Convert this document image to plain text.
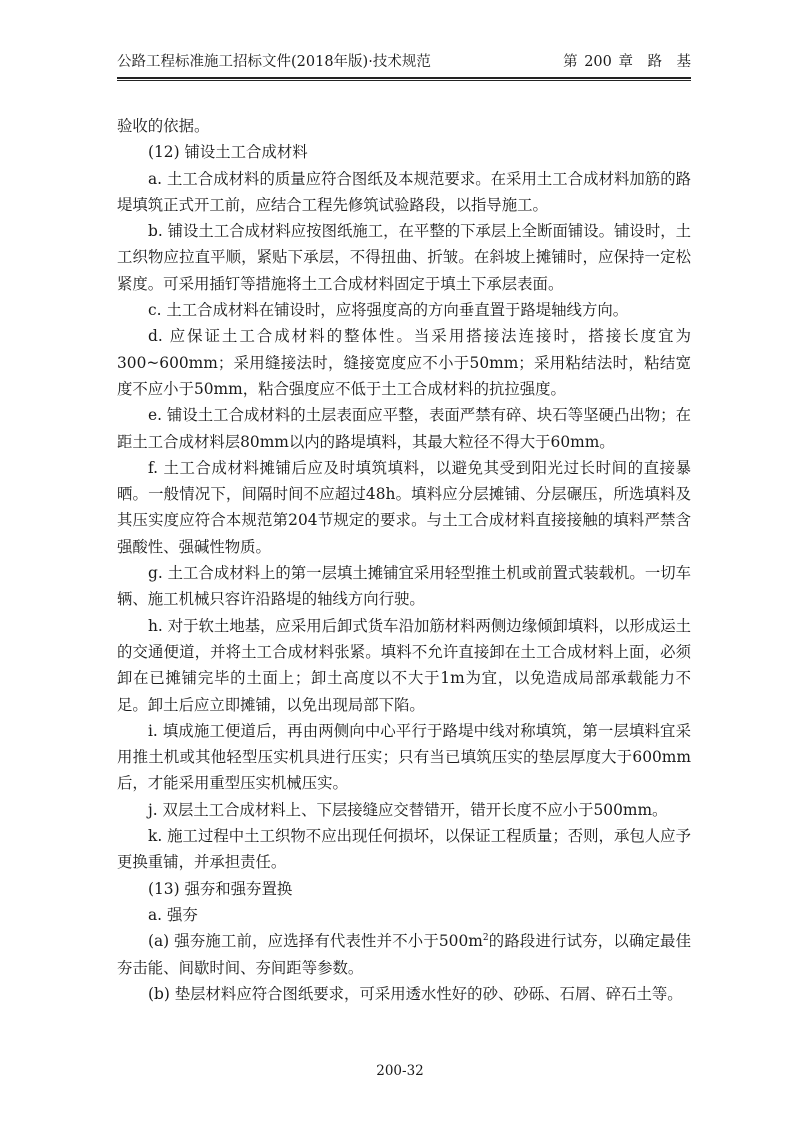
公路工程标准施工招标文件(2018年版)·技术规范	第 200 章　路　基

验收的依据。

(12) 铺设土工合成材料

a. 土工合成材料的质量应符合图纸及本规范要求。在采用土工合成材料加筋的路堤填筑正式开工前，应结合工程先修筑试验路段，以指导施工。

b. 铺设土工合成材料应按图纸施工，在平整的下承层上全断面铺设。铺设时，土工织物应拉直平顺，紧贴下承层，不得扭曲、折皱。在斜坡上摊铺时，应保持一定松紧度。可采用插钉等措施将土工合成材料固定于填土下承层表面。

c. 土工合成材料在铺设时，应将强度高的方向垂直置于路堤轴线方向。

d. 应保证土工合成材料的整体性。当采用搭接法连接时，搭接长度宜为300~600mm；采用缝接法时，缝接宽度应不小于50mm；采用粘结法时，粘结宽度不应小于50mm，粘合强度应不低于土工合成材料的抗拉强度。

e. 铺设土工合成材料的土层表面应平整，表面严禁有碎、块石等坚硬凸出物；在距土工合成材料层80mm以内的路堤填料，其最大粒径不得大于60mm。

f. 土工合成材料摊铺后应及时填筑填料，以避免其受到阳光过长时间的直接暴晒。一般情况下，间隔时间不应超过48h。填料应分层摊铺、分层碾压，所选填料及其压实度应符合本规范第204节规定的要求。与土工合成材料直接接触的填料严禁含强酸性、强碱性物质。

g. 土工合成材料上的第一层填土摊铺宜采用轻型推土机或前置式装载机。一切车辆、施工机械只容许沿路堤的轴线方向行驶。

h. 对于软土地基，应采用后卸式货车沿加筋材料两侧边缘倾卸填料，以形成运土的交通便道，并将土工合成材料张紧。填料不允许直接卸在土工合成材料上面，必须卸在已摊铺完毕的土面上；卸土高度以不大于1m为宜，以免造成局部承载能力不足。卸土后应立即摊铺，以免出现局部下陷。

i. 填成施工便道后，再由两侧向中心平行于路堤中线对称填筑，第一层填料宜采用推土机或其他轻型压实机具进行压实；只有当已填筑压实的垫层厚度大于600mm后，才能采用重型压实机械压实。

j. 双层土工合成材料上、下层接缝应交替错开，错开长度不应小于500mm。

k. 施工过程中土工织物不应出现任何损坏，以保证工程质量；否则，承包人应予更换重铺，并承担责任。

(13) 强夯和强夯置换

a. 强夯

(a) 强夯施工前，应选择有代表性并不小于$500m^2$的路段进行试夯，以确定最佳夯击能、间歇时间、夯间距等参数。

(b) 垫层材料应符合图纸要求，可采用透水性好的砂、砂砾、石屑、碎石土等。

200-32
